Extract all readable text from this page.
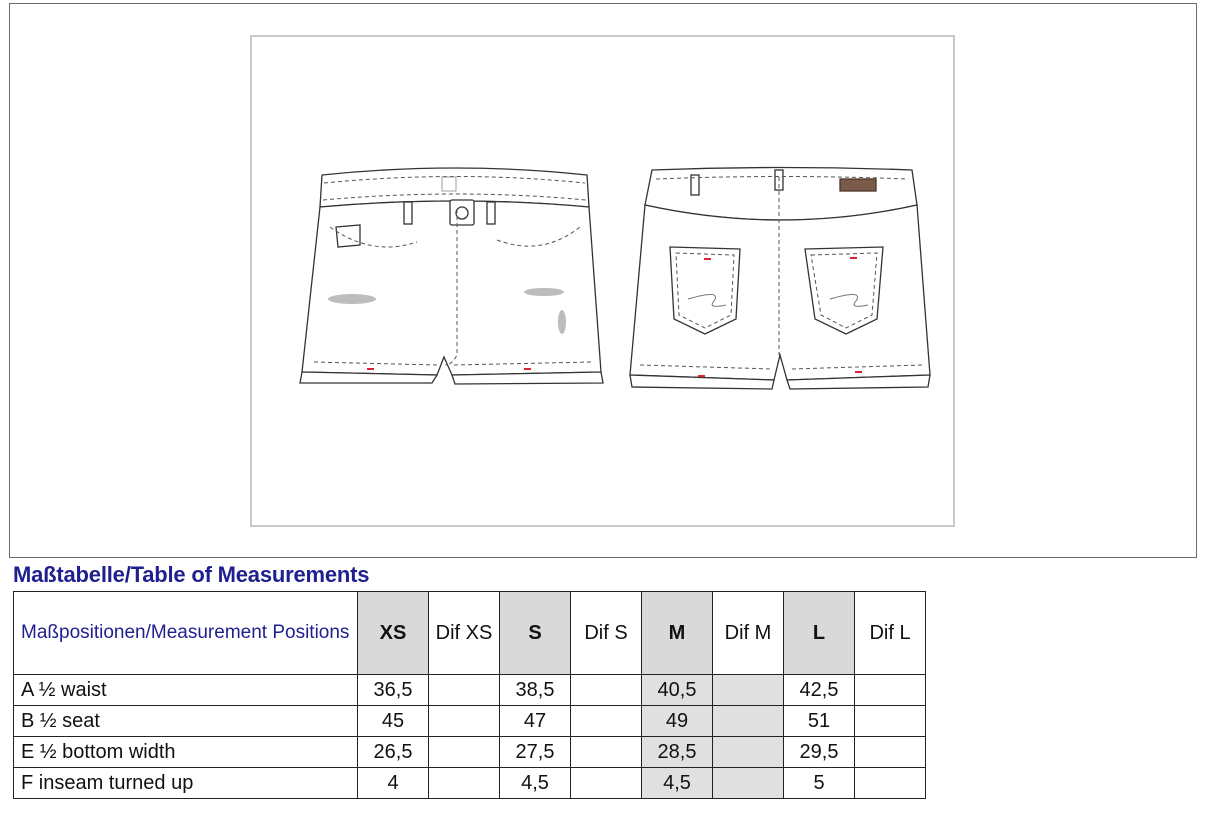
Maßtabelle/Table of Measurements
Maßpositionen/Measurement Positions	XS	Dif XS	S	Dif S	M	Dif M	L	Dif L
A ½ waist	36,5		38,5		40,5		42,5	
B ½ seat	45		47		49		51	
E ½ bottom width	26,5		27,5		28,5		29,5	
F inseam turned up	4		4,5		4,5		5	
